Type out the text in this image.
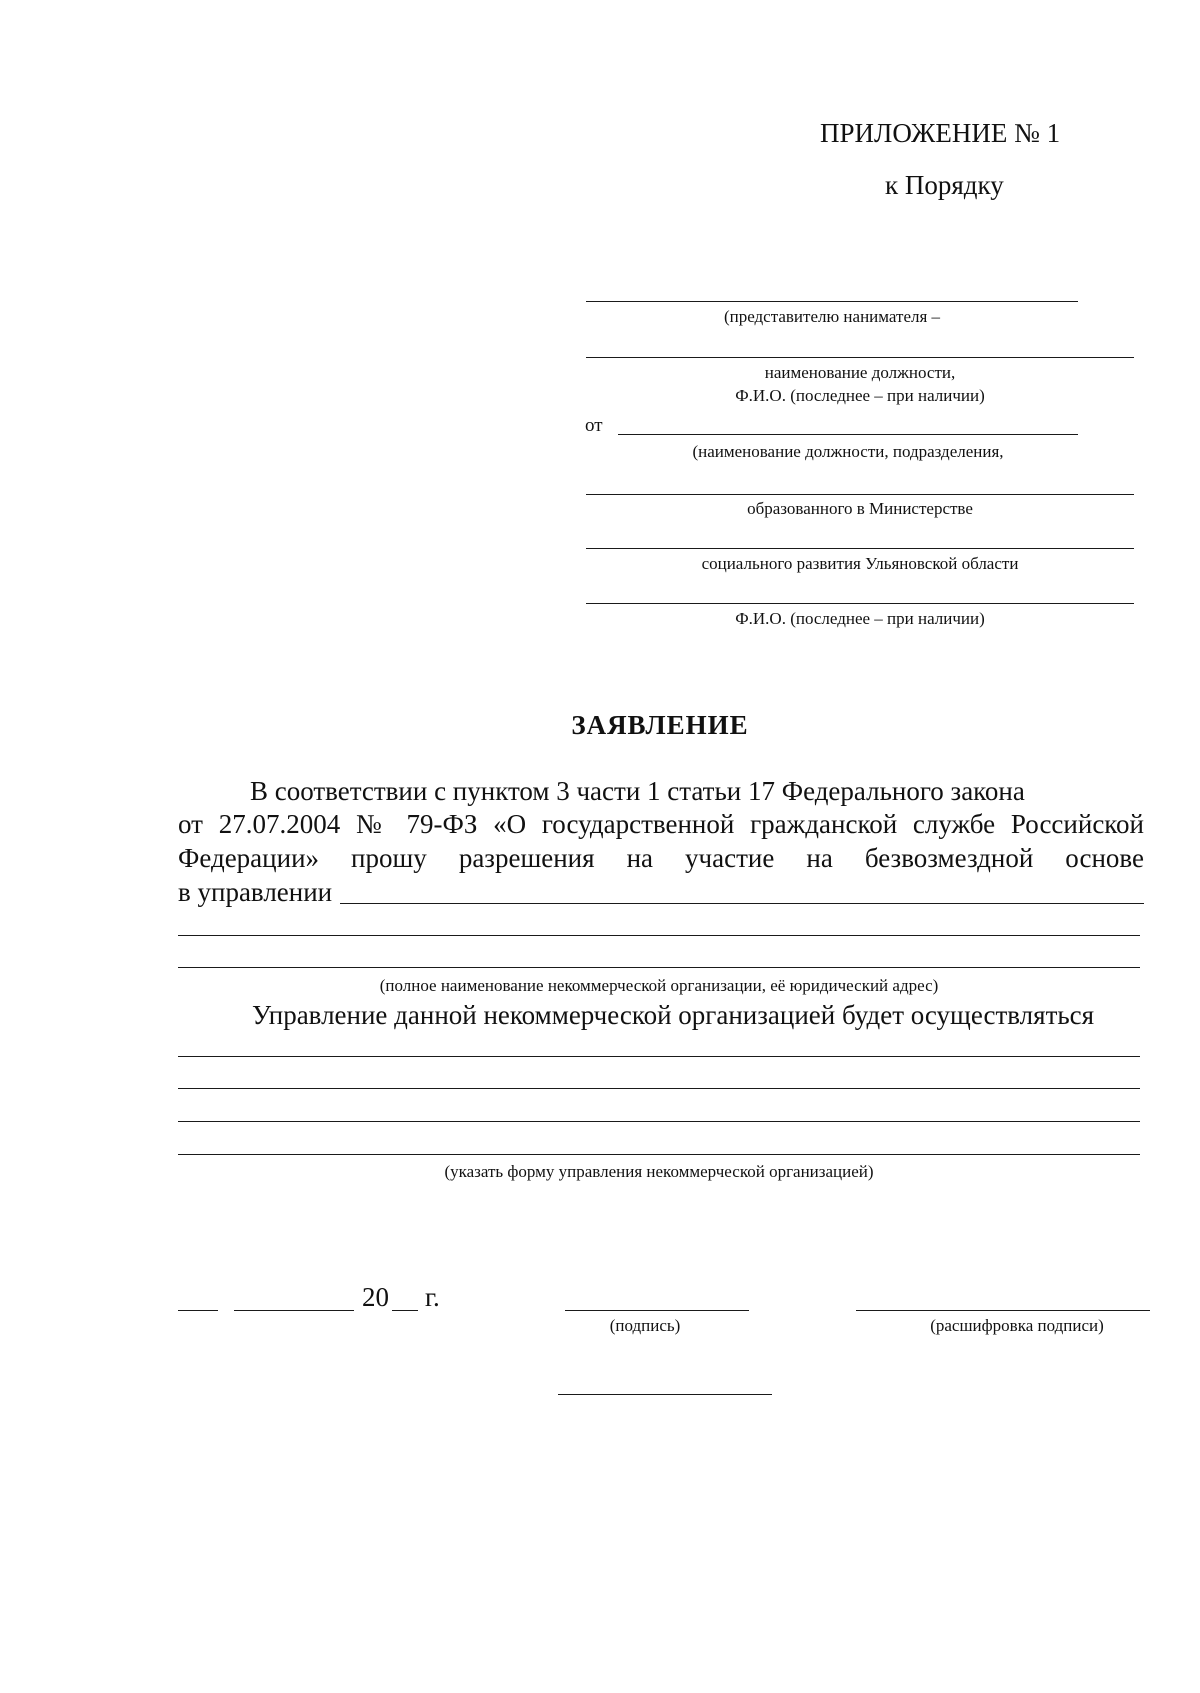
ПРИЛОЖЕНИЕ № 1
к Порядку
(представителю нанимателя –
наименование должности,
Ф.И.О. (последнее – при наличии)
от
(наименование должности, подразделения,
образованного в Министерстве
социального развития Ульяновской области
Ф.И.О. (последнее – при наличии)
ЗАЯВЛЕНИЕ
В соответствии с пунктом 3 части 1 статьи 17 Федерального закона
от 27.07.2004 № 79-ФЗ «О государственной гражданской службе Российской
Федерации» прошу разрешения на участие на безвозмездной основе
в управлении
(полное наименование некоммерческой организации, её юридический адрес)
Управление данной некоммерческой организацией будет осуществляться
(указать форму управления некоммерческой организацией)
20 г.
(подпись)	(расшифровка подписи)
